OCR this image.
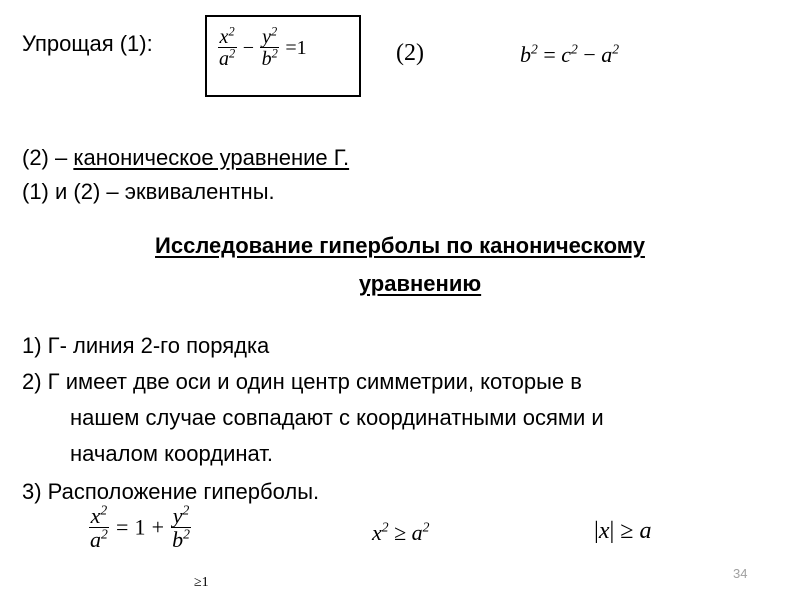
Упрощая (1):	$\frac{x^2}{a^2} - \frac{y^2}{b^2} =1$	(2)	$b^2 = c^2 - a^2$
(2) – каноническое уравнение Г.
(1) и (2) – эквивалентны.
Исследование гиперболы по каноническому
уравнению
1) Г- линия 2-го порядка
2) Г имеет две оси и один центр симметрии, которые в
нашем случае совпадают с координатными осями и
началом координат.
3) Расположение гиперболы.
$\frac{x^2}{a^2} = 1 + \frac{y^2}{b^2}$
≥1
$x^2 \ge a^2$	|x| ≥ a
34
